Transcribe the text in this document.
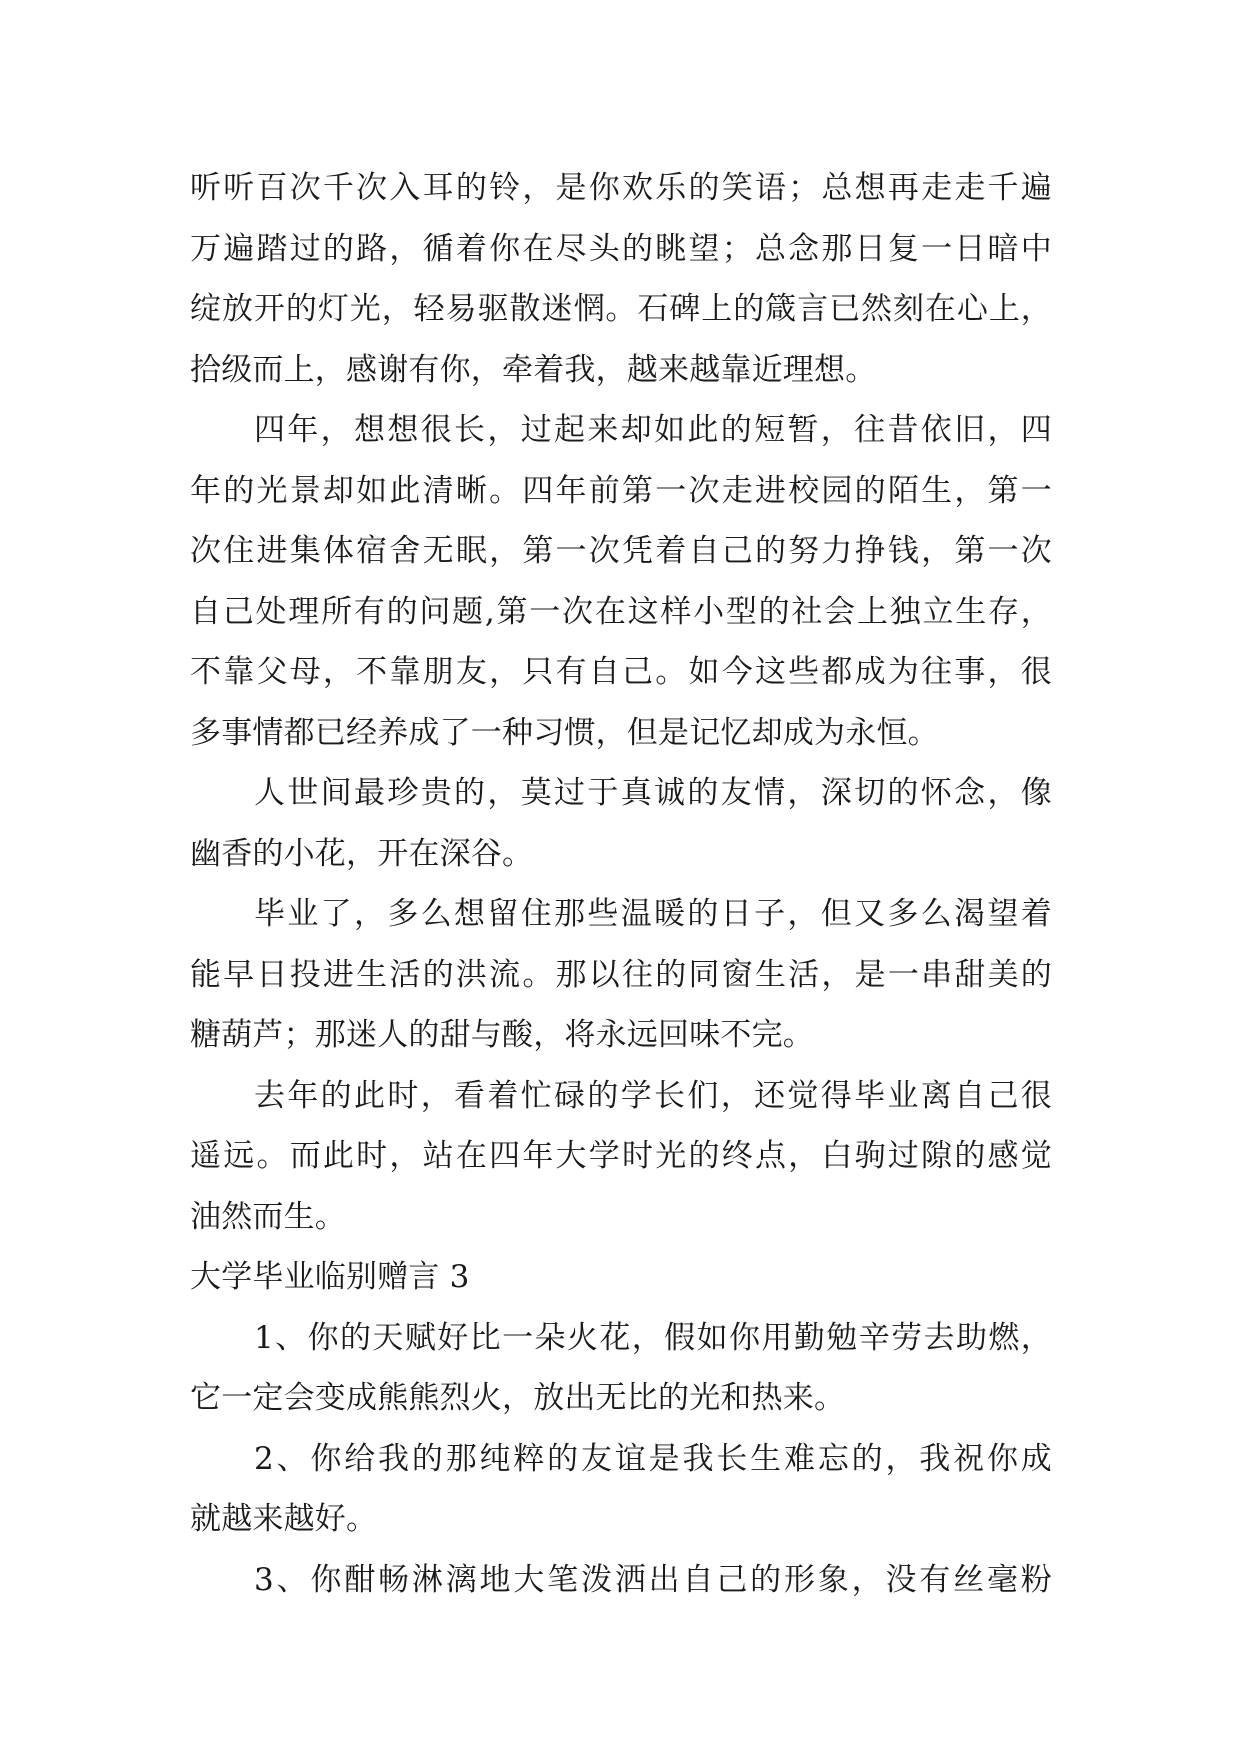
听听百次千次入耳的铃，是你欢乐的笑语；总想再走走千遍
万遍踏过的路，循着你在尽头的眺望；总念那日复一日暗中
绽放开的灯光，轻易驱散迷惘。石碑上的箴言已然刻在心上，
拾级而上，感谢有你，牵着我，越来越靠近理想。
四年，想想很长，过起来却如此的短暂，往昔依旧，四
年的光景却如此清晰。四年前第一次走进校园的陌生，第一
次住进集体宿舍无眠，第一次凭着自己的努力挣钱，第一次
自己处理所有的问题,第一次在这样小型的社会上独立生存，
不靠父母，不靠朋友，只有自己。如今这些都成为往事，很
多事情都已经养成了一种习惯，但是记忆却成为永恒。
人世间最珍贵的，莫过于真诚的友情，深切的怀念，像
幽香的小花，开在深谷。
毕业了，多么想留住那些温暖的日子，但又多么渴望着
能早日投进生活的洪流。那以往的同窗生活，是一串甜美的
糖葫芦；那迷人的甜与酸，将永远回味不完。
去年的此时，看着忙碌的学长们，还觉得毕业离自己很
遥远。而此时，站在四年大学时光的终点，白驹过隙的感觉
油然而生。
大学毕业临别赠言 3
1、你的天赋好比一朵火花，假如你用勤勉辛劳去助燃，
它一定会变成熊熊烈火，放出无比的光和热来。
2、你给我的那纯粹的友谊是我长生难忘的，我祝你成
就越来越好。
3、你酣畅淋漓地大笔泼洒出自己的形象，没有丝毫粉
